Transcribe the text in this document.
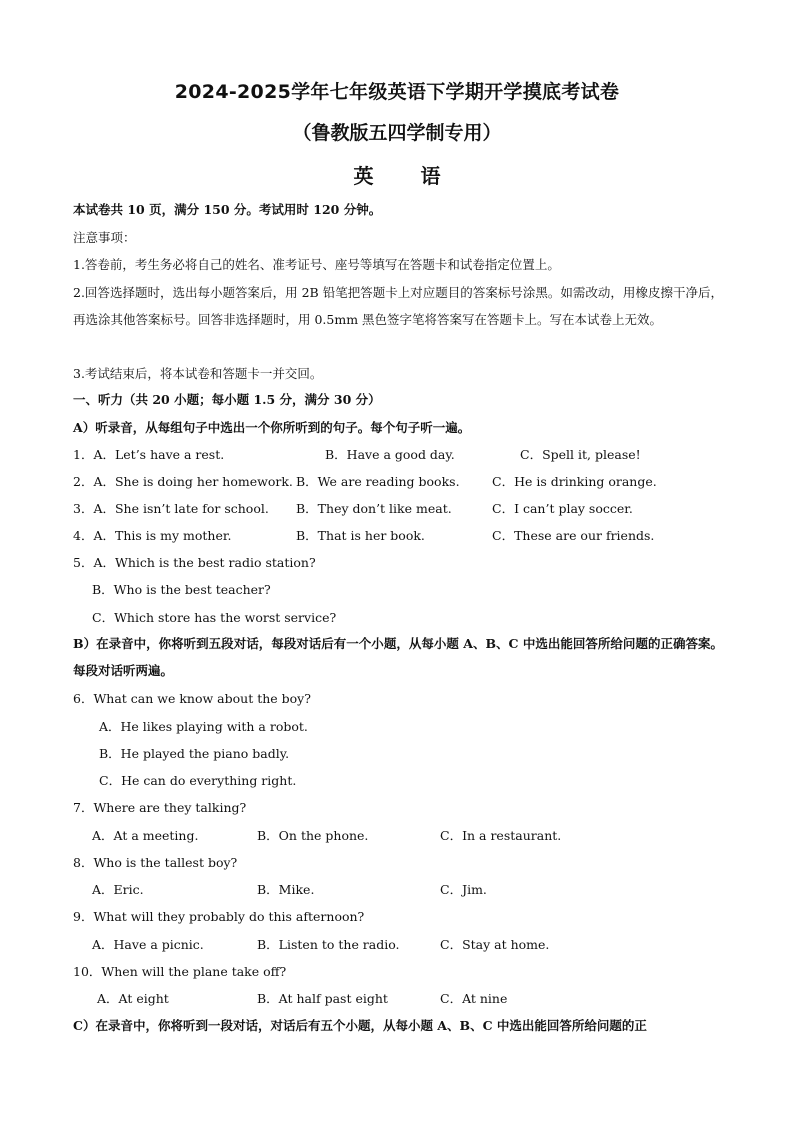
2024-2025学年七年级英语下学期开学摸底考试卷
（鲁教版五四学制专用）
英 语
本试卷共 10 页，满分 150 分。考试用时 120 分钟。
注意事项：
1.答卷前，考生务必将自己的姓名、准考证号、座号等填写在答题卡和试卷指定位置上。
2.回答选择题时，选出每小题答案后，用 2B 铅笔把答题卡上对应题目的答案标号涂黑。如需改动，用橡皮擦干净后，再选涂其他答案标号。回答非选择题时，用 0.5mm 黑色签字笔将答案写在答题卡上。写在本试卷上无效。
3.考试结束后，将本试卷和答题卡一并交回。
一、听力（共 20 小题；每小题 1.5 分，满分 30 分）
A）听录音，从每组句子中选出一个你所听到的句子。每个句子听一遍。
1．A．Let’s have a rest.	B．Have a good day.	C．Spell it, please!
2．A．She is doing her homework. B．We are reading books.	C．He is drinking orange.
3．A．She isn’t late for school. B．They don’t like meat.	C．I can’t play soccer.
4．A．This is my mother.	B．That is her book.	C．These are our friends.
5．A．Which is the best radio station?
B．Who is the best teacher?
C．Which store has the worst service?
B）在录音中，你将听到五段对话，每段对话后有一个小题，从每小题 A、B、C 中选出能回答所给问题的正确答案。每段对话听两遍。
6．What can we know about the boy?
A．He likes playing with a robot.
B．He played the piano badly.
C．He can do everything right.
7．Where are they talking?
A．At a meeting.	B．On the phone.	C．In a restaurant.
8．Who is the tallest boy?
A．Eric.	B．Mike.	C．Jim.
9．What will they probably do this afternoon?
A．Have a picnic.	B．Listen to the radio.	C．Stay at home.
10．When will the plane take off?
A．At eight	B．At half past eight	C．At nine
C）在录音中，你将听到一段对话，对话后有五个小题，从每小题 A、B、C 中选出能回答所给问题的正
